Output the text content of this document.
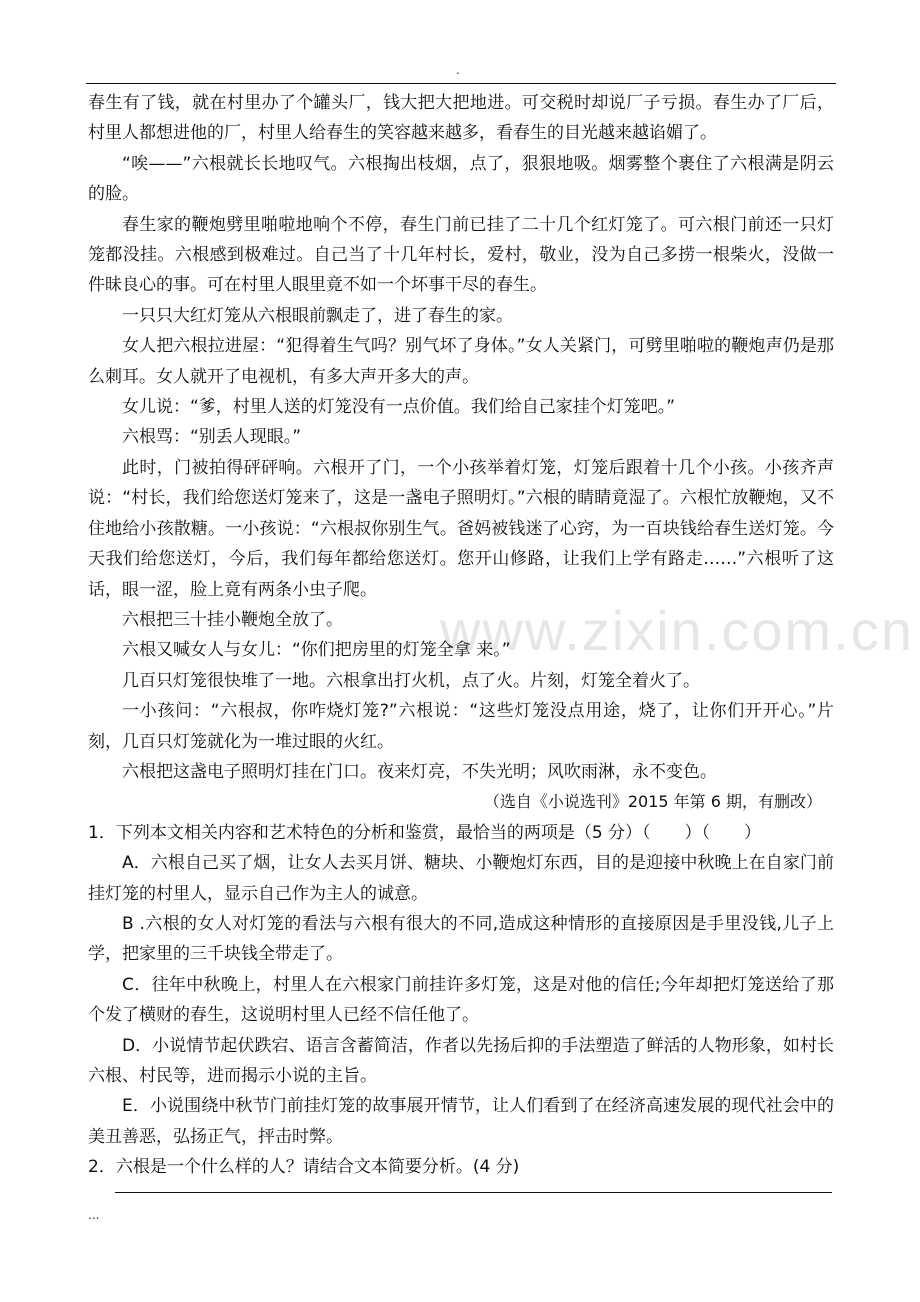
.
www.zixin.com.cn

春生有了钱，就在村里办了个罐头厂，钱大把大把地进。可交税时却说厂子亏损。春生办了厂后，村里人都想进他的厂，村里人给春生的笑容越来越多，看春生的目光越来越谄媚了。

“唉——”六根就长长地叹气。六根掏出枝烟，点了，狠狠地吸。烟雾整个裹住了六根满是阴云的脸。

春生家的鞭炮劈里啪啦地响个不停，春生门前已挂了二十几个红灯笼了。可六根门前还一只灯笼都没挂。六根感到极难过。自己当了十几年村长，爱村，敬业，没为自己多捞一根柴火，没做一件昧良心的事。可在村里人眼里竟不如一个坏事干尽的春生。

一只只大红灯笼从六根眼前飘走了，进了春生的家。

女人把六根拉进屋：“犯得着生气吗？别气坏了身体。”女人关紧门，可劈里啪啦的鞭炮声仍是那么刺耳。女人就开了电视机，有多大声开多大的声。

女儿说：“爹，村里人送的灯笼没有一点价值。我们给自己家挂个灯笼吧。”

六根骂：“别丢人现眼。”

此时，门被拍得砰砰响。六根开了门，一个小孩举着灯笼，灯笼后跟着十几个小孩。小孩齐声说：“村长，我们给您送灯笼来了，这是一盏电子照明灯。”六根的睛睛竟湿了。六根忙放鞭炮，又不住地给小孩散糖。一小孩说：“六根叔你别生气。爸妈被钱迷了心窍，为一百块钱给春生送灯笼。今天我们给您送灯，今后，我们每年都给您送灯。您开山修路，让我们上学有路走……”六根听了这话，眼一涩，脸上竟有两条小虫子爬。

六根把三十挂小鞭炮全放了。

六根又喊女人与女儿：“你们把房里的灯笼全拿 来。”

几百只灯笼很快堆了一地。六根拿出打火机，点了火。片刻，灯笼全着火了。

一小孩问：“六根叔，你咋烧灯笼?”六根说：“这些灯笼没点用途，烧了，让你们开开心。”片刻，几百只灯笼就化为一堆过眼的火红。

六根把这盏电子照明灯挂在门口。夜来灯亮，不失光明；风吹雨淋，永不变色。

（选自《小说选刊》2015 年第 6 期，有删改）

1．下列本文相关内容和艺术特色的分析和鉴赏，最恰当的两项是（5 分）（　　）（　　）

A．六根自己买了烟，让女人去买月饼、糖块、小鞭炮灯东西，目的是迎接中秋晚上在自家门前挂灯笼的村里人，显示自己作为主人的诚意。

B .六根的女人对灯笼的看法与六根有很大的不同,造成这种情形的直接原因是手里没钱,儿子上学，把家里的三千块钱全带走了。

C．往年中秋晚上，村里人在六根家门前挂许多灯笼，这是对他的信任;今年却把灯笼送给了那个发了横财的春生，这说明村里人已经不信任他了。

D．小说情节起伏跌宕、语言含蓄简洁，作者以先扬后抑的手法塑造了鲜活的人物形象，如村长六根、村民等，进而揭示小说的主旨。

E．小说围绕中秋节门前挂灯笼的故事展开情节，让人们看到了在经济高速发展的现代社会中的美丑善恶，弘扬正气，抨击时弊。

2．六根是一个什么样的人？请结合文本简要分析。(4 分)

...
